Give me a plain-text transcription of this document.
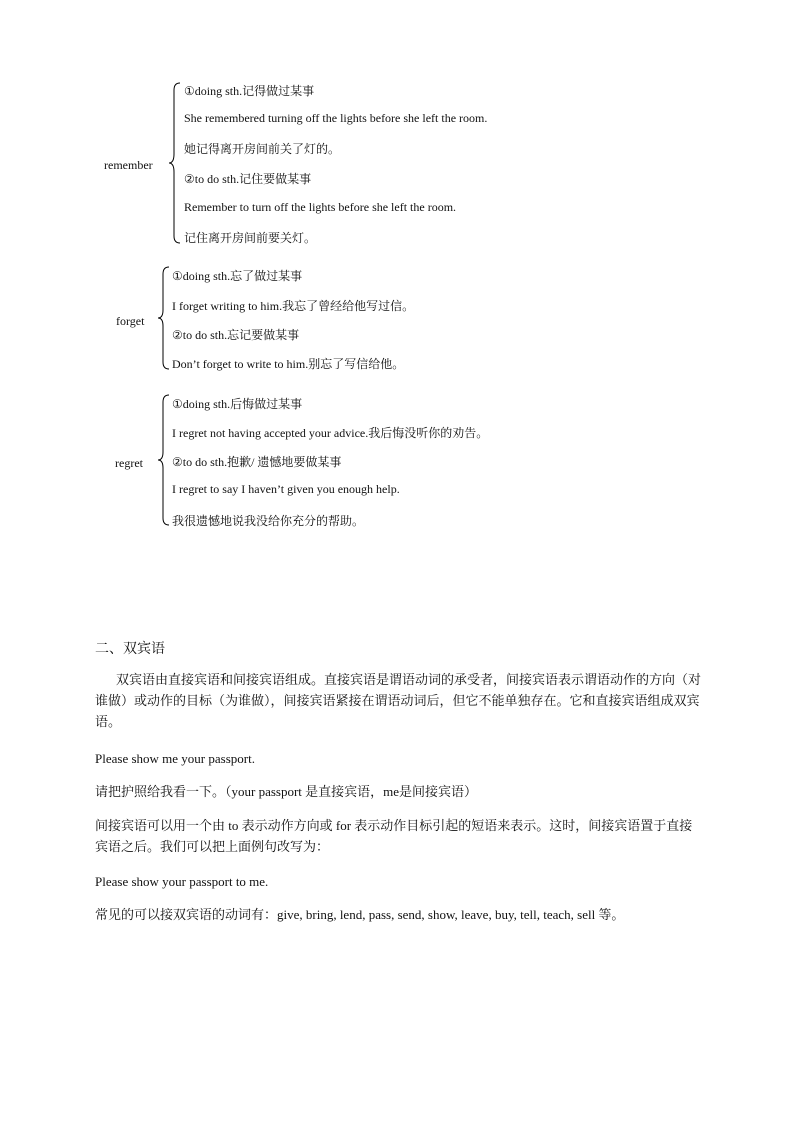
remember
①doing sth.记得做过某事
She remembered turning off the lights before she left the room.
她记得离开房间前关了灯的。
②to do sth.记住要做某事
Remember to turn off the lights before she left the room.
记住离开房间前要关灯。
forget
①doing sth.忘了做过某事
I forget writing to him.我忘了曾经给他写过信。
②to do sth.忘记要做某事
Don’t forget to write to him.别忘了写信给他。
regret
①doing sth.后悔做过某事
I regret not having accepted your advice.我后悔没听你的劝告。
②to do sth.抱歉/ 遗憾地要做某事
I regret to say I haven’t given you enough help.
我很遗憾地说我没给你充分的帮助。
二、双宾语
双宾语由直接宾语和间接宾语组成。直接宾语是谓语动词的承受者，间接宾语表示谓语动作的方向（对谁做）或动作的目标（为谁做），间接宾语紧接在谓语动词后，但它不能单独存在。它和直接宾语组成双宾语。
Please show me your passport.
请把护照给我看一下。（your passport 是直接宾语，me是间接宾语）
间接宾语可以用一个由 to 表示动作方向或 for 表示动作目标引起的短语来表示。这时，间接宾语置于直接宾语之后。我们可以把上面例句改写为：
Please show your passport to me.
常见的可以接双宾语的动词有：give, bring, lend, pass, send, show, leave, buy, tell, teach, sell 等。
